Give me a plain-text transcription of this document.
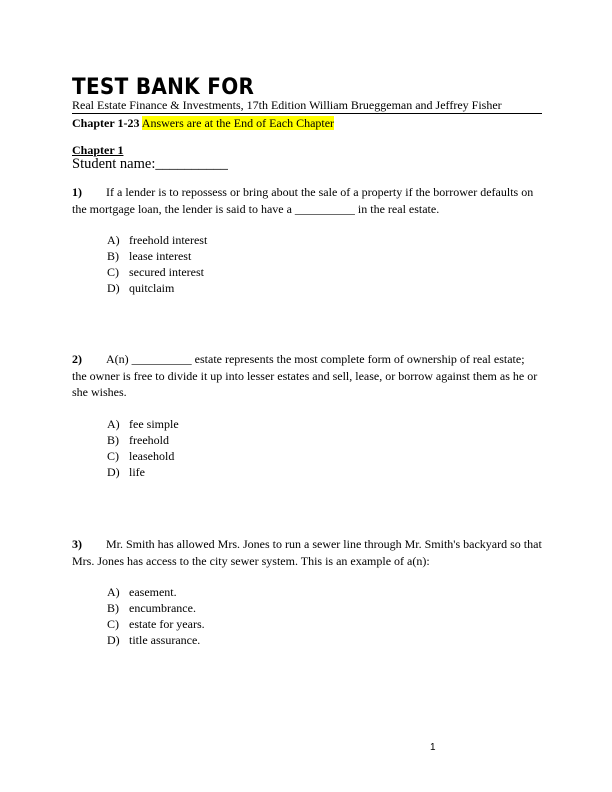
TEST BANK FOR
Real Estate Finance & Investments, 17th Edition William Brueggeman and Jeffrey Fisher
Chapter 1-23 Answers are at the End of Each Chapter
Chapter 1
Student name:__________
1) If a lender is to repossess or bring about the sale of a property if the borrower defaults on the mortgage loan, the lender is said to have a __________ in the real estate.
A) freehold interest
B) lease interest
C) secured interest
D) quitclaim
2) A(n) __________ estate represents the most complete form of ownership of real estate; the owner is free to divide it up into lesser estates and sell, lease, or borrow against them as he or she wishes.
A) fee simple
B) freehold
C) leasehold
D) life
3) Mr. Smith has allowed Mrs. Jones to run a sewer line through Mr. Smith's backyard so that Mrs. Jones has access to the city sewer system. This is an example of a(n):
A) easement.
B) encumbrance.
C) estate for years.
D) title assurance.
1
